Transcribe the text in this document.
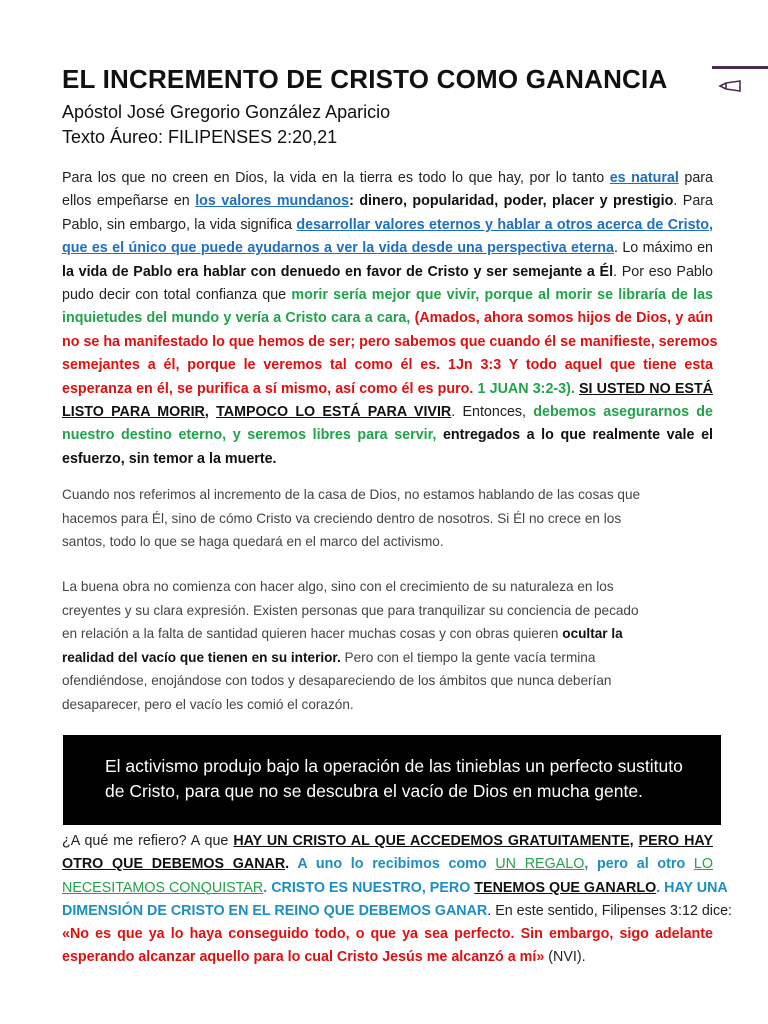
EL INCREMENTO DE CRISTO COMO GANANCIA
Apóstol José Gregorio González Aparicio
Texto Áureo: FILIPENSES 2:20,21
Para los que no creen en Dios, la vida en la tierra es todo lo que hay, por lo tanto es natural para
ellos empeñarse en los valores mundanos: dinero, popularidad, poder, placer y prestigio. Para
Pablo, sin embargo, la vida significa desarrollar valores eternos y hablar a otros acerca de Cristo,
que es el único que puede ayudarnos a ver la vida desde una perspectiva eterna. Lo máximo en
la vida de Pablo era hablar con denuedo en favor de Cristo y ser semejante a Él. Por eso Pablo
pudo decir con total confianza que morir sería mejor que vivir, porque al morir se libraría de las
inquietudes del mundo y vería a Cristo cara a cara, (Amados, ahora somos hijos de Dios, y aún
no se ha manifestado lo que hemos de ser; pero sabemos que cuando él se manifieste, seremos
semejantes a él, porque le veremos tal como él es. 1Jn 3:3 Y todo aquel que tiene esta
esperanza en él, se purifica a sí mismo, así como él es puro. 1 JUAN 3:2-3). SI USTED NO ESTÁ
LISTO PARA MORIR, TAMPOCO LO ESTÁ PARA VIVIR. Entonces, debemos asegurarnos de
nuestro destino eterno, y seremos libres para servir, entregados a lo que realmente vale el
esfuerzo, sin temor a la muerte.
Cuando nos referimos al incremento de la casa de Dios, no estamos hablando de las cosas que
hacemos para Él, sino de cómo Cristo va creciendo dentro de nosotros. Si Él no crece en los
santos, todo lo que se haga quedará en el marco del activismo.
La buena obra no comienza con hacer algo, sino con el crecimiento de su naturaleza en los
creyentes y su clara expresión. Existen personas que para tranquilizar su conciencia de pecado
en relación a la falta de santidad quieren hacer muchas cosas y con obras quieren ocultar la
realidad del vacío que tienen en su interior. Pero con el tiempo la gente vacía termina
ofendiéndose, enojándose con todos y desapareciendo de los ámbitos que nunca deberían
desaparecer, pero el vacío les comió el corazón.
El activismo produjo bajo la operación de las tinieblas un perfecto sustituto
de Cristo, para que no se descubra el vacío de Dios en mucha gente.
¿A qué me refiero? A que HAY UN CRISTO AL QUE ACCEDEMOS GRATUITAMENTE, PERO HAY
OTRO QUE DEBEMOS GANAR. A uno lo recibimos como UN REGALO, pero al otro LO
NECESITAMOS CONQUISTAR. CRISTO ES NUESTRO, PERO TENEMOS QUE GANARLO. HAY UNA
DIMENSIÓN DE CRISTO EN EL REINO QUE DEBEMOS GANAR. En este sentido, Filipenses 3:12 dice:
«No es que ya lo haya conseguido todo, o que ya sea perfecto. Sin embargo, sigo adelante
esperando alcanzar aquello para lo cual Cristo Jesús me alcanzó a mí» (NVI).
